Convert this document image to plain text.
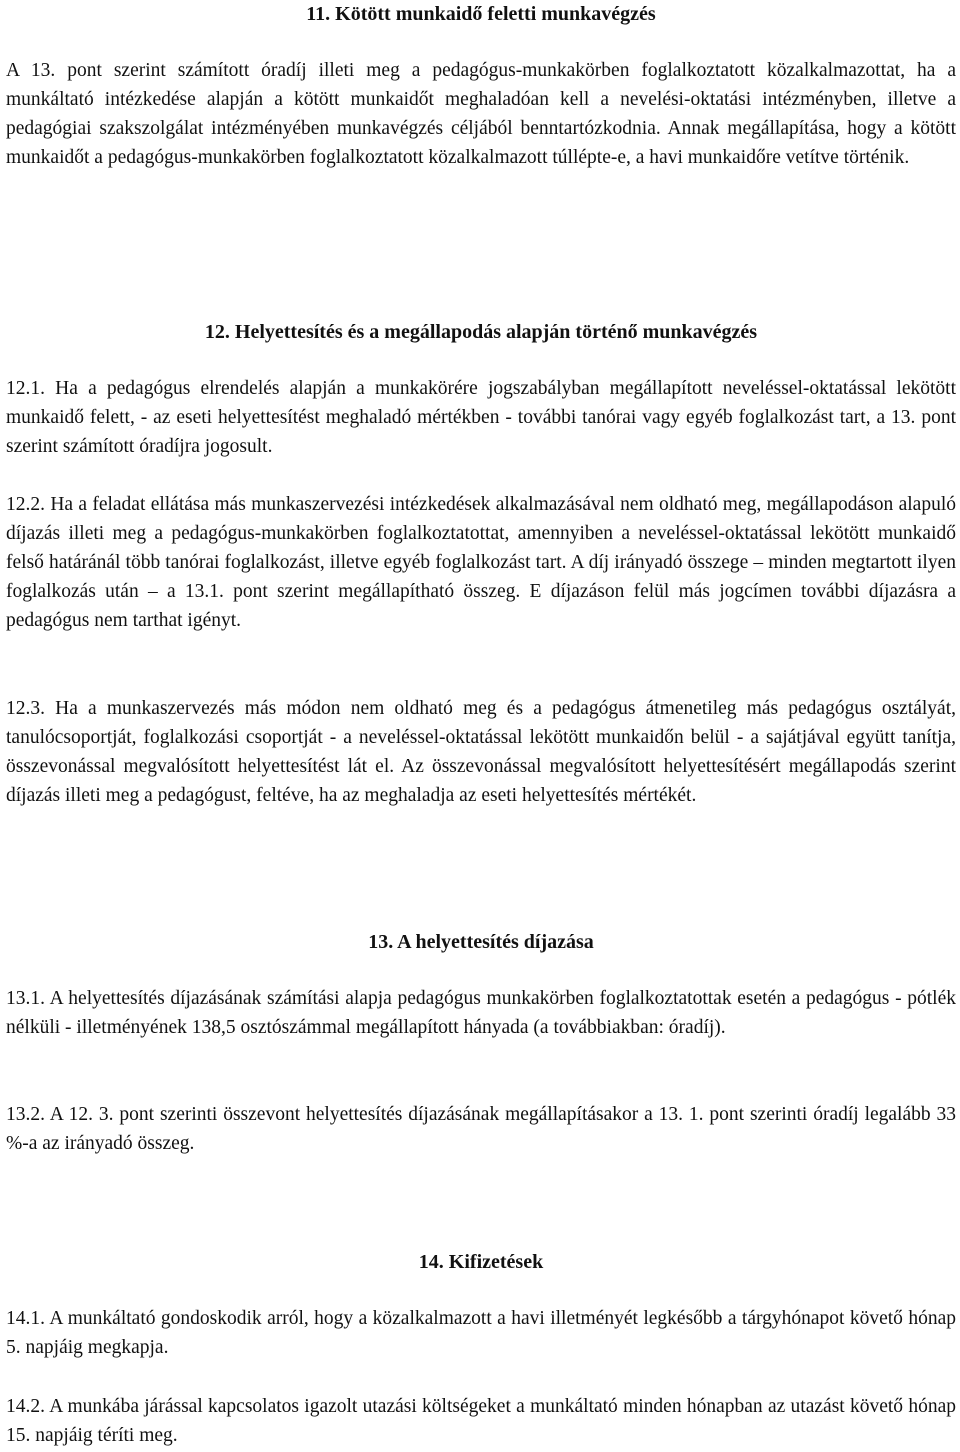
11. Kötött munkaidő feletti munkavégzés
A 13. pont szerint számított óradíj illeti meg a pedagógus-munkakörben foglalkoztatott közalkalmazottat, ha a munkáltató intézkedése alapján a kötött munkaidőt meghaladóan kell a nevelési-oktatási intézményben, illetve a pedagógiai szakszolgálat intézményében munkavégzés céljából benntartózkodnia. Annak megállapítása, hogy a kötött munkaidőt a pedagógus-munkakörben foglalkoztatott közalkalmazott túllépte-e, a havi munkaidőre vetítve történik.
12. Helyettesítés és a megállapodás alapján történő munkavégzés
12.1. Ha a pedagógus elrendelés alapján a munkakörére jogszabályban megállapított neveléssel-oktatással lekötött munkaidő felett, - az eseti helyettesítést meghaladó mértékben - további tanórai vagy egyéb foglalkozást tart, a 13. pont szerint számított óradíjra jogosult.
12.2. Ha a feladat ellátása más munkaszervezési intézkedések alkalmazásával nem oldható meg, megállapodáson alapuló díjazás illeti meg a pedagógus-munkakörben foglalkoztatottat, amennyiben a neveléssel-oktatással lekötött munkaidő felső határánál több tanórai foglalkozást, illetve egyéb foglalkozást tart. A díj irányadó összege – minden megtartott ilyen foglalkozás után – a 13.1. pont szerint megállapítható összeg. E díjazáson felül más jogcímen további díjazásra a pedagógus nem tarthat igényt.
12.3. Ha a munkaszervezés más módon nem oldható meg és a pedagógus átmenetileg más pedagógus osztályát, tanulócsoportját, foglalkozási csoportját - a neveléssel-oktatással lekötött munkaidőn belül - a sajátjával együtt tanítja, összevonással megvalósított helyettesítést lát el. Az összevonással megvalósított helyettesítésért megállapodás szerint díjazás illeti meg a pedagógust, feltéve, ha az meghaladja az eseti helyettesítés mértékét.
13. A helyettesítés díjazása
13.1. A helyettesítés díjazásának számítási alapja pedagógus munkakörben foglalkoztatottak esetén a pedagógus - pótlék nélküli - illetményének 138,5 osztószámmal megállapított hányada (a továbbiakban: óradíj).
13.2. A 12. 3. pont szerinti összevont helyettesítés díjazásának megállapításakor a 13. 1. pont szerinti óradíj legalább 33 %-a az irányadó összeg.
14. Kifizetések
14.1. A munkáltató gondoskodik arról, hogy a közalkalmazott a havi illetményét legkésőbb a tárgyhónapot követő hónap 5. napjáig megkapja.
14.2. A munkába járással kapcsolatos igazolt utazási költségeket a munkáltató minden hónapban az utazást követő hónap 15. napjáig téríti meg.
